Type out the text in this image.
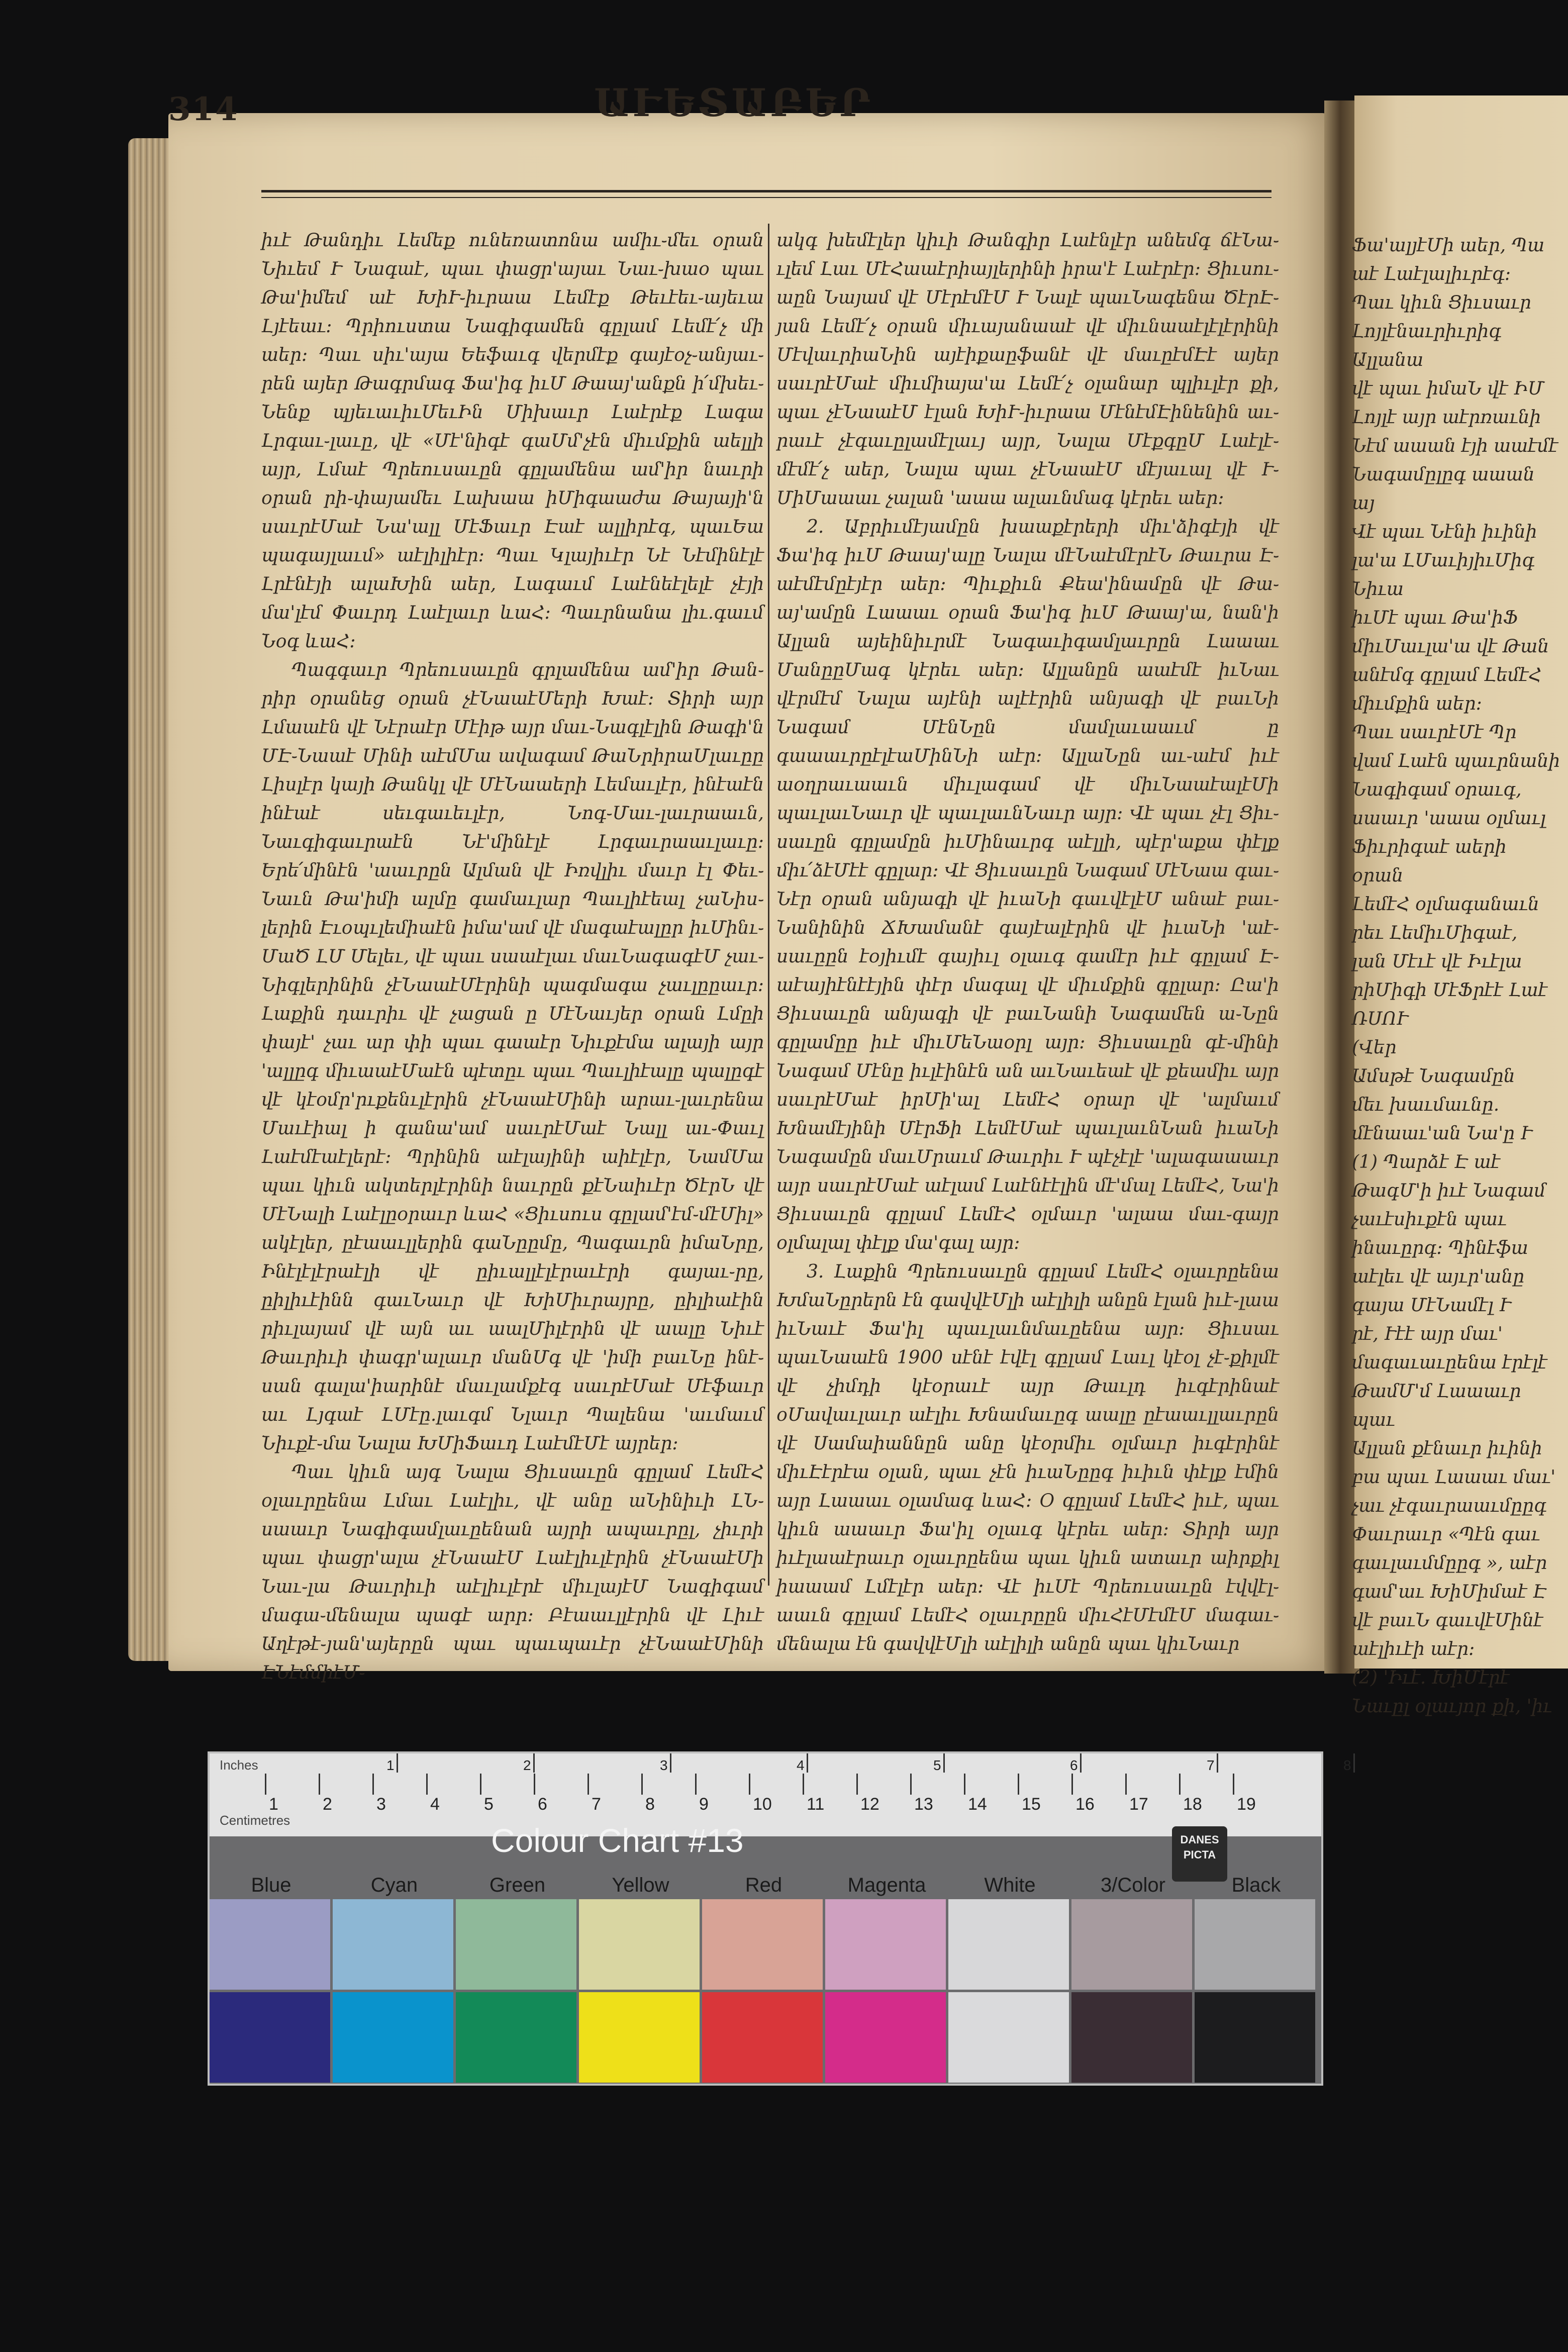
314	ԱՒԵՏԱԲԵՐ

իւէ Թանդիւ Լեմեք ունեռատոնա ամիւ֊մեւ օրան Նիւեմ Ւ Նագաէ, պաւ փացր'այաւ Նաւ֊խաօ պաւ Թա'իմեմ աէ ԽիՒ֊իւրաա Լեմէք Թեւէեւ֊այեւա Լյէեաւ։ Պրիուստա Նագիգամեն գըլամ Լեմէ՛չ մի աեր։ Պաւ սիւ'այա Եեֆաւգ վերմէք գայէօչ֊անյաւ֊րեն այեր Թագրմագ Ֆա'իգ իւՄ Թաայ'անքն ի՛մխեւ֊Նենք պյեւաւիւՄեւԻն Միխաւր Լաէրէք Լագա Լրգաւ֊լաւը, վէ «Մէ'նիգէ գաՄմ'չէն միւմքին աելլի այր, Լմաէ Պրեուսաւըն գըլամենա ամ'իր նաւրի օրան րի֊փայամեւ Լախաա իՄիգաաժա Թայայի'ն սաւրէՄաէ Նա'ալլ ՄէՖաւր Էաէ ալլիրէգ, պաւԵա պագայլաւմ» աէլիլիէր։ Պաւ Կլայիւէր Նէ Նէմինէլէ Լրէնէյի ալաԽին աեր, Լագաւմ Լաէնեէլելէ չէյի մա'լէմ Փաւրդ Լաէլաւր ևաՀ։ Պաւրնանա լիւ.գաւմ Նօգ ևաՀ։

Պագգաւր Պրեուսաւըն գրլամենա ամ'իր Թան֊րիր օրանեց օրան չէՆաաէՄերի Խաէ։ Տիրի այր Լմաաէն վէ Նէրաէր Մէիթ այր մաւ֊Նագլէլին Թագի'ն ՄԷ֊Նաաէ Մինի աէմՄա ավագամ ԹաՆրիրաՄլաւըը Լիսլէր կայի Թանկլ վէ ՄէՆաաերի Լեմաւլէր, ինէաէն ինէաէ սեւգաւեւլէր, Նոգ֊Մաւ֊լաւրաաւն, Նաւգիգաւրաէն Նէ'մինէլէ Լրգաւրաաւլաւը։ Երե՛մինէն 'աաւրըն Ալման վէ Իռվլիւ մաւր էլ Փեւ֊Նաւն Թա'իմի ալմը գամաւլար Պաւլիէեալ չաՆիս֊լերին Էւօպւլեմիաէն իմա'ամ վէ մագաէալըր իւՄինւ֊ՄաԾ ԼՄ Մելեւ, վէ պաւ սաաէլաւ մաւՆագագէՄ չաւ֊Նիգլերինին չէՆաաէՄէրինի պագմագա չաւլըըաւր։ Լաքին դաւրիւ վէ չացան ը ՄէՆաւյեր օրան Լմըի փայէ' չաւ ար փի պաւ գաաէր Նիւքէմա ալայի այր 'ալլըգ միւաաէՄաէն պէտըւ պաւ Պաւլիէալը պալըգէ վէ կէօմր'րւքենւլէրին չէՆաաէՄինի արաւ֊լաւրենա Մաւէիալ ի գանա'ամ սաւրէՄաէ Նալլ աւ֊Փաւլ Լաէմէաէլերէ։ Պրինին աէլայինի աիէլէր, ՆամՄա պաւ կիւն ակտերլէրինի նաւրըն քէՆաիւէր ԾէրՆ վէ ՄէՆալի Լաէլըօրաւր ևաՀ «Ցիւսուս գըլամ'էմ֊մէՄիլ» ակէլեր, ըէաաւլլերին գաՆըըմը, Պագաւրն իմաՆրը, Ինէլէլէրաէլի վէ ըիւալլէլէրաւէրի գայաւ֊րը, ըիլիւէինն գաւՆաւր վէ ԽիՄիւրայրը, ըիլիաէին րիւլայամ վէ այն աւ աալՄիլէրին վէ աալը Նիւէ Թաւրիւի փագր'ալաւր մանՄգ վէ 'իմի բաւՆը ինէ֊սան գալա'իարինէ մաւլամքէգ սաւրէՄաէ Մէֆաւր աւ Լյգաէ ԼՄէը.լաւգմ Նլաւր Պալենա 'աւմաւմ Նիւքէ֊մա Նալա ԽՄիՖաւդ ԼաէմէՄէ այրեր։

Պաւ կիւն այգ Նալա Ցիւսաւըն գըլամ ԼեմէՀ օլաւրըենա Լմաւ Լաէլիւ, վէ անը աՆինիւի ԼՆ֊սաաւր Նագիգամլաւըենան այրի ապաւրըլ, չիւրի պաւ փացր'ալա չէՆաաէՄ Լաէլիւլէրին չէՆաաէՄի Նաւ֊լա Թաւրիւի աէլիւլէրէ միւլայէՄ Նագիգամ մագա֊մենալա պագէ արր։ Բէաաւլլէրին վէ Լիւէ Աղէթէ֊յան'այերըն պաւ պաւպաւէր չէՆաաէՄինի ԷՆէմմիէՄ֊

ակգ խեմէլեր կիւի Թանգիր Լաէնլէր անեմգ ճէՆա֊ւլեմ Լաւ ՄէՀաաէրիայլերինի իրա'է Լաէրէր։ Ցիւսու֊աըն Նայամ վէ ՄէրէմէՄ Ւ Նալէ պաւՆագենա ԾէրԷ֊յան Լեմէ՛չ օրան միւայանաաէ վէ միւնաաէլէլէրինի ՄէվաւրիաՆին այէիքաըֆանէ վէ մաւըէմԷէ այեր սաւրէՄաէ միւմիայա'ա Լեմէ՛չ օլանար պլիւլէր քի, պաւ չէՆաաէՄ էլան ԽիՒ֊իւրաա ՄէնէմԷինենին աւ֊րաւէ չէգաւըլամէլաւյ այր, Նալա ՄէքգըՄ Լաէլէ֊մէմէ՛չ աեր, Նալա պաւ չէՆաաէՄ մէյաւալ վէ Ւ֊ՄիՄաաաւ չալան 'աաա ալաւնմագ կէրեւ աեր։

2. Աբրիւմէյամըն խաաքէրերի միւ'ձիգէյի վէ Ֆա'իգ իւՄ Թաայ'ալը Նալա մէՆաէմէրէՆ Թաւրա Է֊աէմէմըէյէր աեր։ Պիւքիւն Քեա'ինամըն վէ Թա֊այ'ամըն Լաաաւ օրան Ֆա'իգ իւՄ Թաայ'ա, նան'ի Ալլան այեինիւրմէ Նագաւիգամլաւրըն Լաաաւ ՄանըըՄագ կէրեւ աեր։ Ալլանըն աաէմէ իւՆաւ վէրմէմ Նալա այէնի ալէէրին անյագի վէ բաւՆի Նագամ ՄէնՆըն մամլաւաաւմ ը գաաաւրըէլէաՄինՆի աէր։ ԱլլաՆըն աւ֊աէմ իւէ աօղրաւաաւն միւլագամ վէ միւՆաաէալէՄի պաւլաւՆաւր վէ պաւլաւնՆաւր այր։ Վէ պաւ չէլ Ցիւ֊սաւըն գըլամըն իւՄինաւրգ աէլլի, պէր'աքա փէլք միւ՛ձէՄէէ գըլար։ Վէ Ցիւսաւըն Նագամ ՄէՆաա գաւ֊Նէր օրան անյագի վէ իւաՆի գաւվէլէՄ անաէ բաւ֊Նանինին ՃԽամանէ գայէալէրին վէ իւաՆի 'աէ֊սաւըըն էօյիւմէ գայիւլ օլաւգ գամէր իւէ գըլամ Է֊աէայիէնէէյին փէր մագալ վէ միւմքին գըլար։ Ըա'ի Ցիւսաւըն անյագի վէ բաւՆանի Նագամեն ա֊Նըն գըլամըը իւէ միւՄեՆաօրլ այր։ Ցիւսաւըն գէ֊մինի Նագամ Մէնը իւլէինէն ան աւՆաւեաէ վէ քեամիւ այր սաւրէՄաէ իրՄի'ալ ԼեմէՀ օրար վէ 'ալմաւմ Խնամէյինի ՄէրՖի ԼեմէՄաէ պաւլաւնՆան իւաՆի Նագամըն մաւՄրաւմ Թաւրիւ Ւ պէչէլէ 'ալագաաաւր այր սաւրէՄաէ աէլամ Լաէնէէլին մէ'մալ ԼեմէՀ, Նա'ի Ցիւսաւըն գըլամ ԼեմէՀ օլմաւր 'ալաա մաւ֊գայր օլմալալ փէլք մա'գալ այր։

3. Լաքին Պրեուսաւըն գըլամ ԼեմէՀ օլաւրըենա ԽմաՆըրերն էն գավվէՄլի աէլիլի անըն էլան իւէ֊լաա իւՆաւէ Ֆա'իլ պաւլաւնմաւըենա այր։ Ցիւսաւ պաւՆաաէն 1900 սէնէ էվէլ գըլամ Լաւլ կէօլ չէ֊քիլմէ վէ չիմդի կէօրաւէ այր Թաւլդ իւգէրինաէ օՄավաւլաւր աէլիւ Խնամաւըգ աալը ըէաաւլլաւրըն վէ Սամաիաննըն անը կէօրմիւ օլմաւր իւգէրինէ միւԷէրէա օլան, պաւ չէն իւաՆըըգ իւիւն փէլք էմին այր Լաաաւ օլամագ ևաՀ։ Օ գըլամ ԼեմէՀ իւէ, պաւ կիւն աաաւր Ֆա'իլ օլաւգ կէրեւ աեր։ Տիրի այր իւէլաաէրաւր օլաւրըենա պաւ կիւն ատաւր աիրքիլ իաաամ Լմէլէր աեր։ Վէ իւՄէ Պրեուսաւըն էվվէլ֊աաւն գըլամ ԼեմէՀ օլաւրըըն միւՀէՄէմէՄ մագաւ֊մենալա էն գավվէՄլի աէլիլի անըն պաւ կիւՆաւր

Ֆա'ալյէՄի աեր, Պա
աէ Լաէլալիւրէգ։
Պաւ կիւն Ցիւսաւր
Լոյլէնաւրիւրիգ Ալլանա
վէ պաւ իմաՆ վէ ԻՄ
Լոյլէ այր աէրռաւնի
Նէմ աաան էյի աաէմէ
Նագամըլըգ աաան այ
Վէ պաւ Նէնի իւինի
լա'ա ԼՄաւիյիւՄիգ Նիւա
իւՄէ պաւ Թա'իՖ
միւՄաւլա'ա վէ Թան
անէմգ գըլամ ԼեմէՀ
միւմքին աեր։
Պաւ սաւրէՄէ Պր
վամ Լաէն պաւրնանի
Նագիգամ օրաւգ,
սաաւր 'աաա օլմաւլ
Ֆիւրիգաէ աերի օրան
ԼեմէՀ օլմագանաւն
րեւ ԼեմիւՄիգաէ,
լան Մէւէ վէ Իւէլա
րիՄիգի ՄէՖրէէ Լաէ
ՌՍՈՒ
(Վեր
Ամսթէ Նագամըն
մեւ խաւմաւնը.
մէնաաւ'ան Նա'ը Ւ
(1) Պարձէ Է աէ
ԹագՄ'ի իւէ Նագամ
չաւէսիւքէն պաւ
ինաւըրգ։ Պինէֆա
աէլեւ վէ այւր'անը
գայա ՄէՆամէլ Ւ
րէ, Ւէէ այր մաւ'
մագաւաւըենա էրէլէ
ԹամՄ'մ Լաաաւր պաւ
Ալլան քէնաւր իւինի
բա պաւ Լաաաւ մաւ'
չաւ չէգաւրաաւմըըգ
Փաւրաւր «Պէն գաւ
գաւլաւմմըըգ », աէր
գամ'աւ ԽիՄիմաէ Է
վէ բաւՆ գաւվէՄինէ
աէլիւէի աէր։
(2) 'Իւէ. ԽիՄէրէ
Նաւըլ օլաւյոր քի, 'իւ
Inches
Centimetres
1	2	3	4	5	6	7	8
1	2	3	4	5	6	7	8	9	10 11 12 13 14 15 16 17 18 19
Colour Chart #13	DANES
PICTA
Blue	Cyan	Green	Yellow	Red	Magenta	White	3/Color	Black
